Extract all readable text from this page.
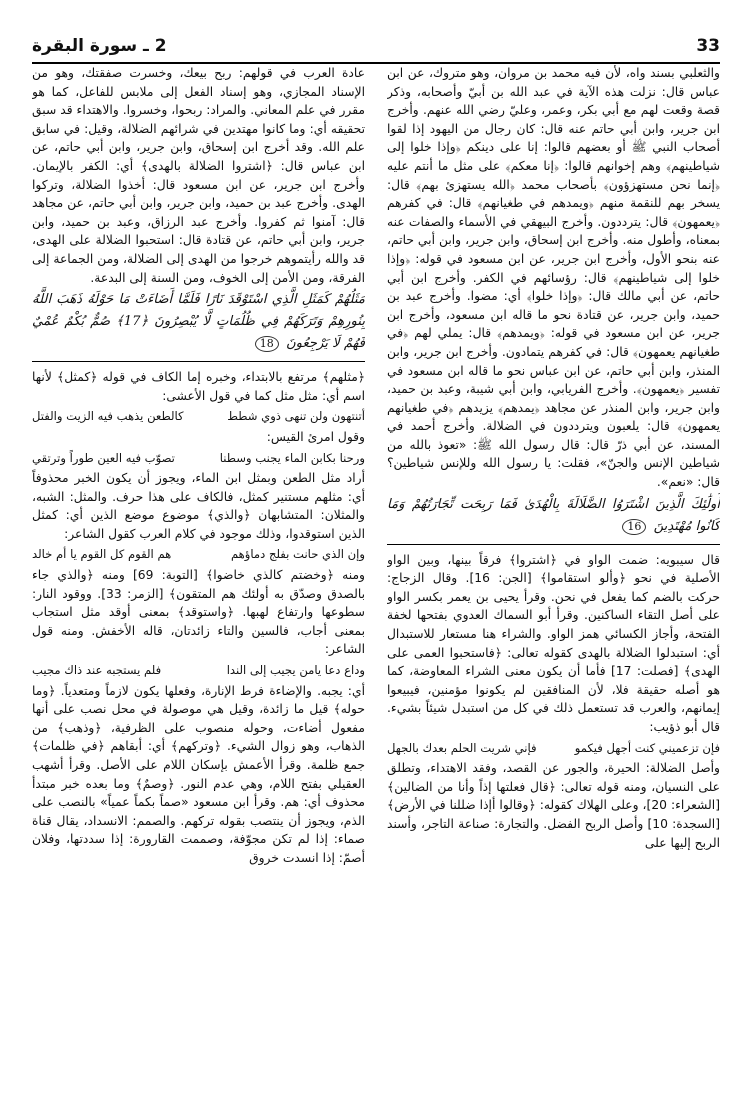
33
2 ـ سورة البقرة

والثعلبي بسند واه، لأن فيه محمد بن مروان، وهو متروك، عن ابن عباس قال: نزلت هذه الآية في عبد الله بن أبيّ وأصحابه، وذكر قصة وقعت لهم مع أبي بكر، وعمر، وعليّ رضي الله عنهم. وأخرج ابن جرير، وابن أبي حاتم عنه قال: كان رجال من اليهود إذا لقوا أصحاب النبي ﷺ أو بعضهم قالوا: إنا على دينكم ﴿وإذا خلوا إلى شياطينهم﴾ وهم إخوانهم قالوا: ﴿إنا معكم﴾ على مثل ما أنتم عليه ﴿إنما نحن مستهزؤون﴾ بأصحاب محمد ﴿الله يستهزئ بهم﴾ قال: يسخر بهم للنقمة منهم ﴿ويمدهم في طغيانهم﴾ قال: في كفرهم ﴿يعمهون﴾ قال: يترددون. وأخرج البيهقي في الأسماء والصفات عنه بمعناه، وأطول منه. وأخرج ابن إسحاق، وابن جرير، وابن أبي حاتم، عنه بنحو الأول، وأخرج ابن جرير، عن ابن مسعود في قوله: ﴿وإذا خلوا إلى شياطينهم﴾ قال: رؤسائهم في الكفر. وأخرج ابن أبي حاتم، عن أبي مالك قال: ﴿وإذا خلوا﴾ أي: مضوا. وأخرج عبد بن حميد، وابن جرير، عن قتادة نحو ما قاله ابن مسعود، وأخرج ابن جرير، عن ابن مسعود في قوله: ﴿ويمدهم﴾ قال: يملي لهم ﴿في طغيانهم يعمهون﴾ قال: في كفرهم يتمادون. وأخرج ابن جرير، وابن المنذر، وابن أبي حاتم، عن ابن عباس نحو ما قاله ابن مسعود في تفسير ﴿يعمهون﴾. وأخرج الفريابي، وابن أبي شيبة، وعبد بن حميد، وابن جرير، وابن المنذر عن مجاهد ﴿يمدهم﴾ يزيدهم ﴿في طغيانهم يعمهون﴾ قال: يلعبون ويترددون في الضلالة. وأخرج أحمد في المسند، عن أبي ذرّ قال: قال رسول الله ﷺ: «تعوذ بالله من شياطين الإنس والجنّ»، فقلت: يا رسول الله وللإنس شياطين؟ قال: «نعم».

أُولَٰئِكَ الَّذِينَ اشْتَرَوُا الضَّلَالَةَ بِالْهُدَىٰ فَمَا رَبِحَت تِّجَارَتُهُمْ وَمَا كَانُوا مُهْتَدِينَ 16

قال سيبويه: ضمت الواو في ﴿اشتروا﴾ فرقاً بينها، وبين الواو الأصلية في نحو ﴿وألو استقاموا﴾ [الجن: 16]. وقال الزجاج: حركت بالضم كما يفعل في نحن. وقرأ يحيى بن يعمر بكسر الواو على أصل التقاء الساكنين. وقرأ أبو السماك العدوي بفتحها لخفة الفتحة، وأجاز الكسائي همز الواو. والشراء هنا مستعار للاستبدال أي: استبدلوا الضلالة بالهدى كقوله تعالى: ﴿فاستحبوا العمى على الهدى﴾ [فصلت: 17] فأما أن يكون معنى الشراء المعاوضة، كما هو أصله حقيقة فلا، لأن المنافقين لم يكونوا مؤمنين، فيبيعوا إيمانهم، والعرب قد تستعمل ذلك في كل من استبدل شيئاً بشيء. قال أبو ذؤيب:

فإن تزعميني كنت أجهل فيكمو
فإني شريت الحلم بعدك بالجهل

وأصل الضلالة: الحيرة، والجور عن القصد، وفقد الاهتداء، وتطلق على النسيان، ومنه قوله تعالى: ﴿قال فعلتها إذاً وأنا من الضالين﴾ [الشعراء: 20]، وعلى الهلاك كقوله: ﴿وقالوا أإذا ضللنا في الأرض﴾ [السجدة: 10] وأصل الربح الفضل. والتجارة: صناعة التاجر، وأسند الربح إليها على

عادة العرب في قولهم: ربح بيعك، وخسرت صفقتك، وهو من الإسناد المجازي، وهو إسناد الفعل إلى ملابس للفاعل، كما هو مقرر في علم المعاني. والمراد: ربحوا، وخسروا. والاهتداء قد سبق تحقيقه أي: وما كانوا مهتدين في شرائهم الضلالة، وقيل: في سابق علم الله. وقد أخرج ابن إسحاق، وابن جرير، وابن أبي حاتم، عن ابن عباس قال: ﴿اشتروا الضلالة بالهدى﴾ أي: الكفر بالإيمان. وأخرج ابن جرير، عن ابن مسعود قال: أخذوا الضلالة، وتركوا الهدى. وأخرج عبد بن حميد، وابن جرير، وابن أبي حاتم، عن مجاهد قال: آمنوا ثم كفروا. وأخرج عبد الرزاق، وعبد بن حميد، وابن جرير، وابن أبي حاتم، عن قتادة قال: استحبوا الضلالة على الهدى، قد والله رأيتموهم خرجوا من الهدى إلى الضلالة، ومن الجماعة إلى الفرقة، ومن الأمن إلى الخوف، ومن السنة إلى البدعة.

مَثَلُهُمْ كَمَثَلِ الَّذِي اسْتَوْقَدَ نَارًا فَلَمَّا أَضَاءَتْ مَا حَوْلَهُ ذَهَبَ اللَّهُ بِنُورِهِمْ وَتَرَكَهُمْ فِي ظُلُمَاتٍ لَّا يُبْصِرُونَ ﴿17﴾ صُمٌّ بُكْمٌ عُمْيٌ فَهُمْ لَا يَرْجِعُونَ 18

﴿مثلهم﴾ مرتفع بالابتداء، وخبره إما الكاف في قوله ﴿كمثل﴾ لأنها اسم أي: مثل مثل كما في قول الأعشى:

أتنتهون ولن تنهى ذوي شطط
كالطعن يذهب فيه الزيت والفتل

وقول امرئ القيس:

ورحنا بكابن الماء يجنب وسطنا
تصوّب فيه العين طوراً وترتقي

أراد مثل الطعن وبمثل ابن الماء، ويجوز أن يكون الخبر محذوفاً أي: مثلهم مستنير كمثل، فالكاف على هذا حرف. والمثل: الشبه، والمثلان: المتشابهان ﴿والذي﴾ موضوع موضع الذين أي: كمثل الذين استوقدوا، وذلك موجود في كلام العرب كقول الشاعر:

وإن الذي حانت بفلج دماؤهم
هم القوم كل القوم يا أم خالد

ومنه ﴿وخضتم كالذي خاضوا﴾ [التوبة: 69] ومنه ﴿والذي جاء بالصدق وصدّق به أولئك هم المتقون﴾ [الزمر: 33]. ووقود النار: سطوعها وارتفاع لهبها. ﴿واستوقد﴾ بمعنى أوقد مثل استجاب بمعنى أجاب، فالسين والتاء زائدتان، قاله الأخفش. ومنه قول الشاعر:

وداع دعا يامن يجيب إلى الندا
فلم يستجبه عند ذاك مجيب

أي: يجبه. والإضاءة فرط الإنارة، وفعلها يكون لازماً ومتعدياً. ﴿وما حوله﴾ قيل ما زائدة، وقيل هي موصولة في محل نصب على أنها مفعول أضاءت، وحوله منصوب على الظرفية، ﴿وذهب﴾ من الذهاب، وهو زوال الشيء. ﴿وتركهم﴾ أي: أبقاهم ﴿في ظلمات﴾ جمع ظلمة. وقرأ الأعمش بإسكان اللام على الأصل. وقرأ أشهب العقيلي بفتح اللام، وهي عدم النور. ﴿وصمٌ﴾ وما بعده خبر مبتدأ محذوف أي: هم. وقرأ ابن مسعود «صماً بكماً عمياً» بالنصب على الذم، ويجوز أن ينتصب بقوله تركهم. والصمم: الانسداد، يقال قناة صماء: إذا لم تكن مجوّفة، وصممت القارورة: إذا سددتها، وفلان أصمّ: إذا انسدت خروق
